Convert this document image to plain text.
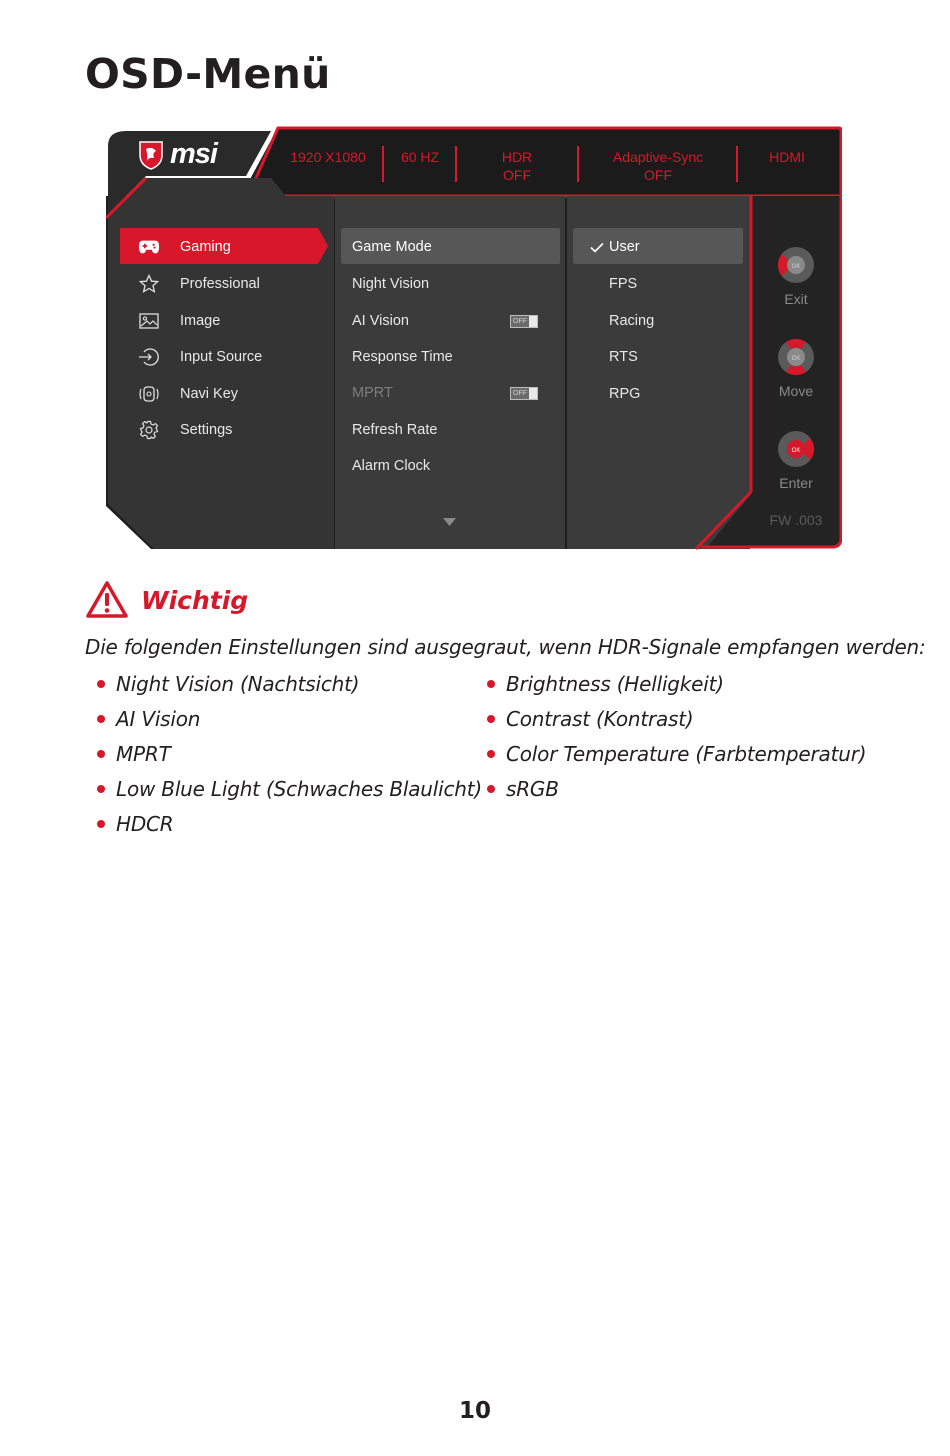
OSD-Menü
msi	1920 X1080	60 HZ	HDR
OFF
Adaptive-Sync
OFF
HDMI
Gaming
Professional
Image
Input Source
Navi Key
Settings
Game Mode
Night Vision
AI Vision	OFF
Response Time
MPRT	OFF
Refresh Rate
Alarm Clock
User
FPS
Racing
RTS
RPG
OK
Exit
OK
Move
OK
Enter
FW .003
Wichtig
Die folgenden Einstellungen sind ausgegraut, wenn HDR-Signale empfangen werden:
Night Vision (Nachtsicht)
AI Vision
MPRT
Low Blue Light (Schwaches Blaulicht)
HDCR
Brightness (Helligkeit)
Contrast (Kontrast)
Color Temperature (Farbtemperatur)
sRGB
10
